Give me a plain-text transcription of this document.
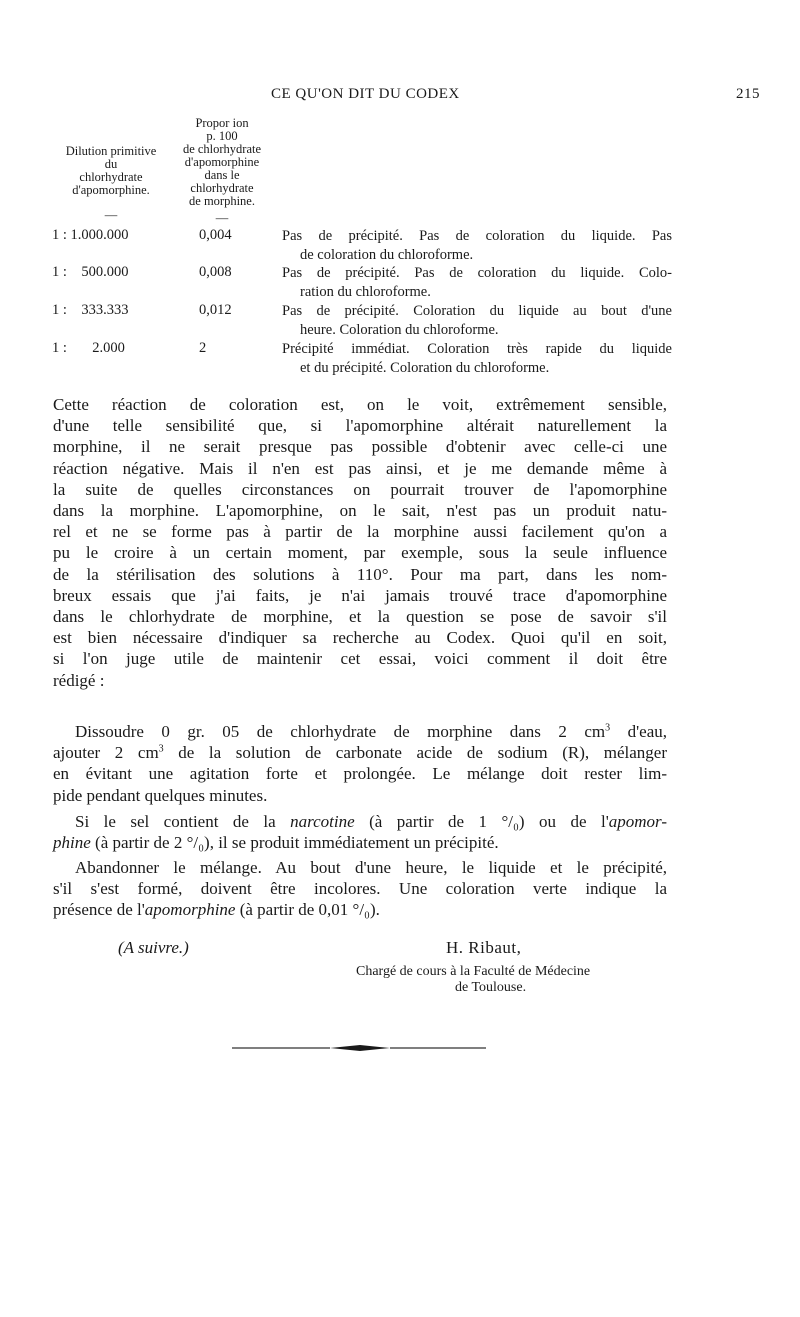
CE QU'ON DIT DU CODEX	215
Dilution primitive
du
chlorhydrate
d'apomorphine.
—
Propor ion
p. 100
de chlorhydrate
d'apomorphine
dans le
chlorhydrate
de morphine.
—
1 : 1.000.000	0,004	Pas de précipité. Pas de coloration du liquide. Pas
de coloration du chloroforme.
1 :    500.000	0,008	Pas de précipité. Pas de coloration du liquide. Colo-
ration du chloroforme.
1 :    333.333	0,012	Pas de précipité. Coloration du liquide au bout d'une
heure. Coloration du chloroforme.
1 :       2.000	2	Précipité immédiat. Coloration très rapide du liquide
et du précipité. Coloration du chloroforme.
Cette réaction de coloration est, on le voit, extrêmement sensible,
d'une telle sensibilité que, si l'apomorphine altérait naturellement la
morphine, il ne serait presque pas possible d'obtenir avec celle-ci une
réaction négative. Mais il n'en est pas ainsi, et je me demande même à
la suite de quelles circonstances on pourrait trouver de l'apomorphine
dans la morphine. L'apomorphine, on le sait, n'est pas un produit natu-
rel et ne se forme pas à partir de la morphine aussi facilement qu'on a
pu le croire à un certain moment, par exemple, sous la seule influence
de la stérilisation des solutions à 110°. Pour ma part, dans les nom-
breux essais que j'ai faits, je n'ai jamais trouvé trace d'apomorphine
dans le chlorhydrate de morphine, et la question se pose de savoir s'il
est bien nécessaire d'indiquer sa recherche au Codex. Quoi qu'il en soit,
si l'on juge utile de maintenir cet essai, voici comment il doit être
rédigé :
Dissoudre 0 gr. 05 de chlorhydrate de morphine dans 2 $cm^3$ d'eau,
ajouter 2 $cm^3$ de la solution de carbonate acide de sodium (R), mélanger
en évitant une agitation forte et prolongée. Le mélange doit rester lim-
pide pendant quelques minutes.
Si le sel contient de la narcotine (à partir de 1 °/₀) ou de l'apomor-
phine (à partir de 2 °/₀), il se produit immédiatement un précipité.
Abandonner le mélange. Au bout d'une heure, le liquide et le précipité,
s'il s'est formé, doivent être incolores. Une coloration verte indique la
présence de l'apomorphine (à partir de 0,01 °/₀).
(A suivre.)	H. Ribaut,
Chargé de cours à la Faculté de Médecine
de Toulouse.
